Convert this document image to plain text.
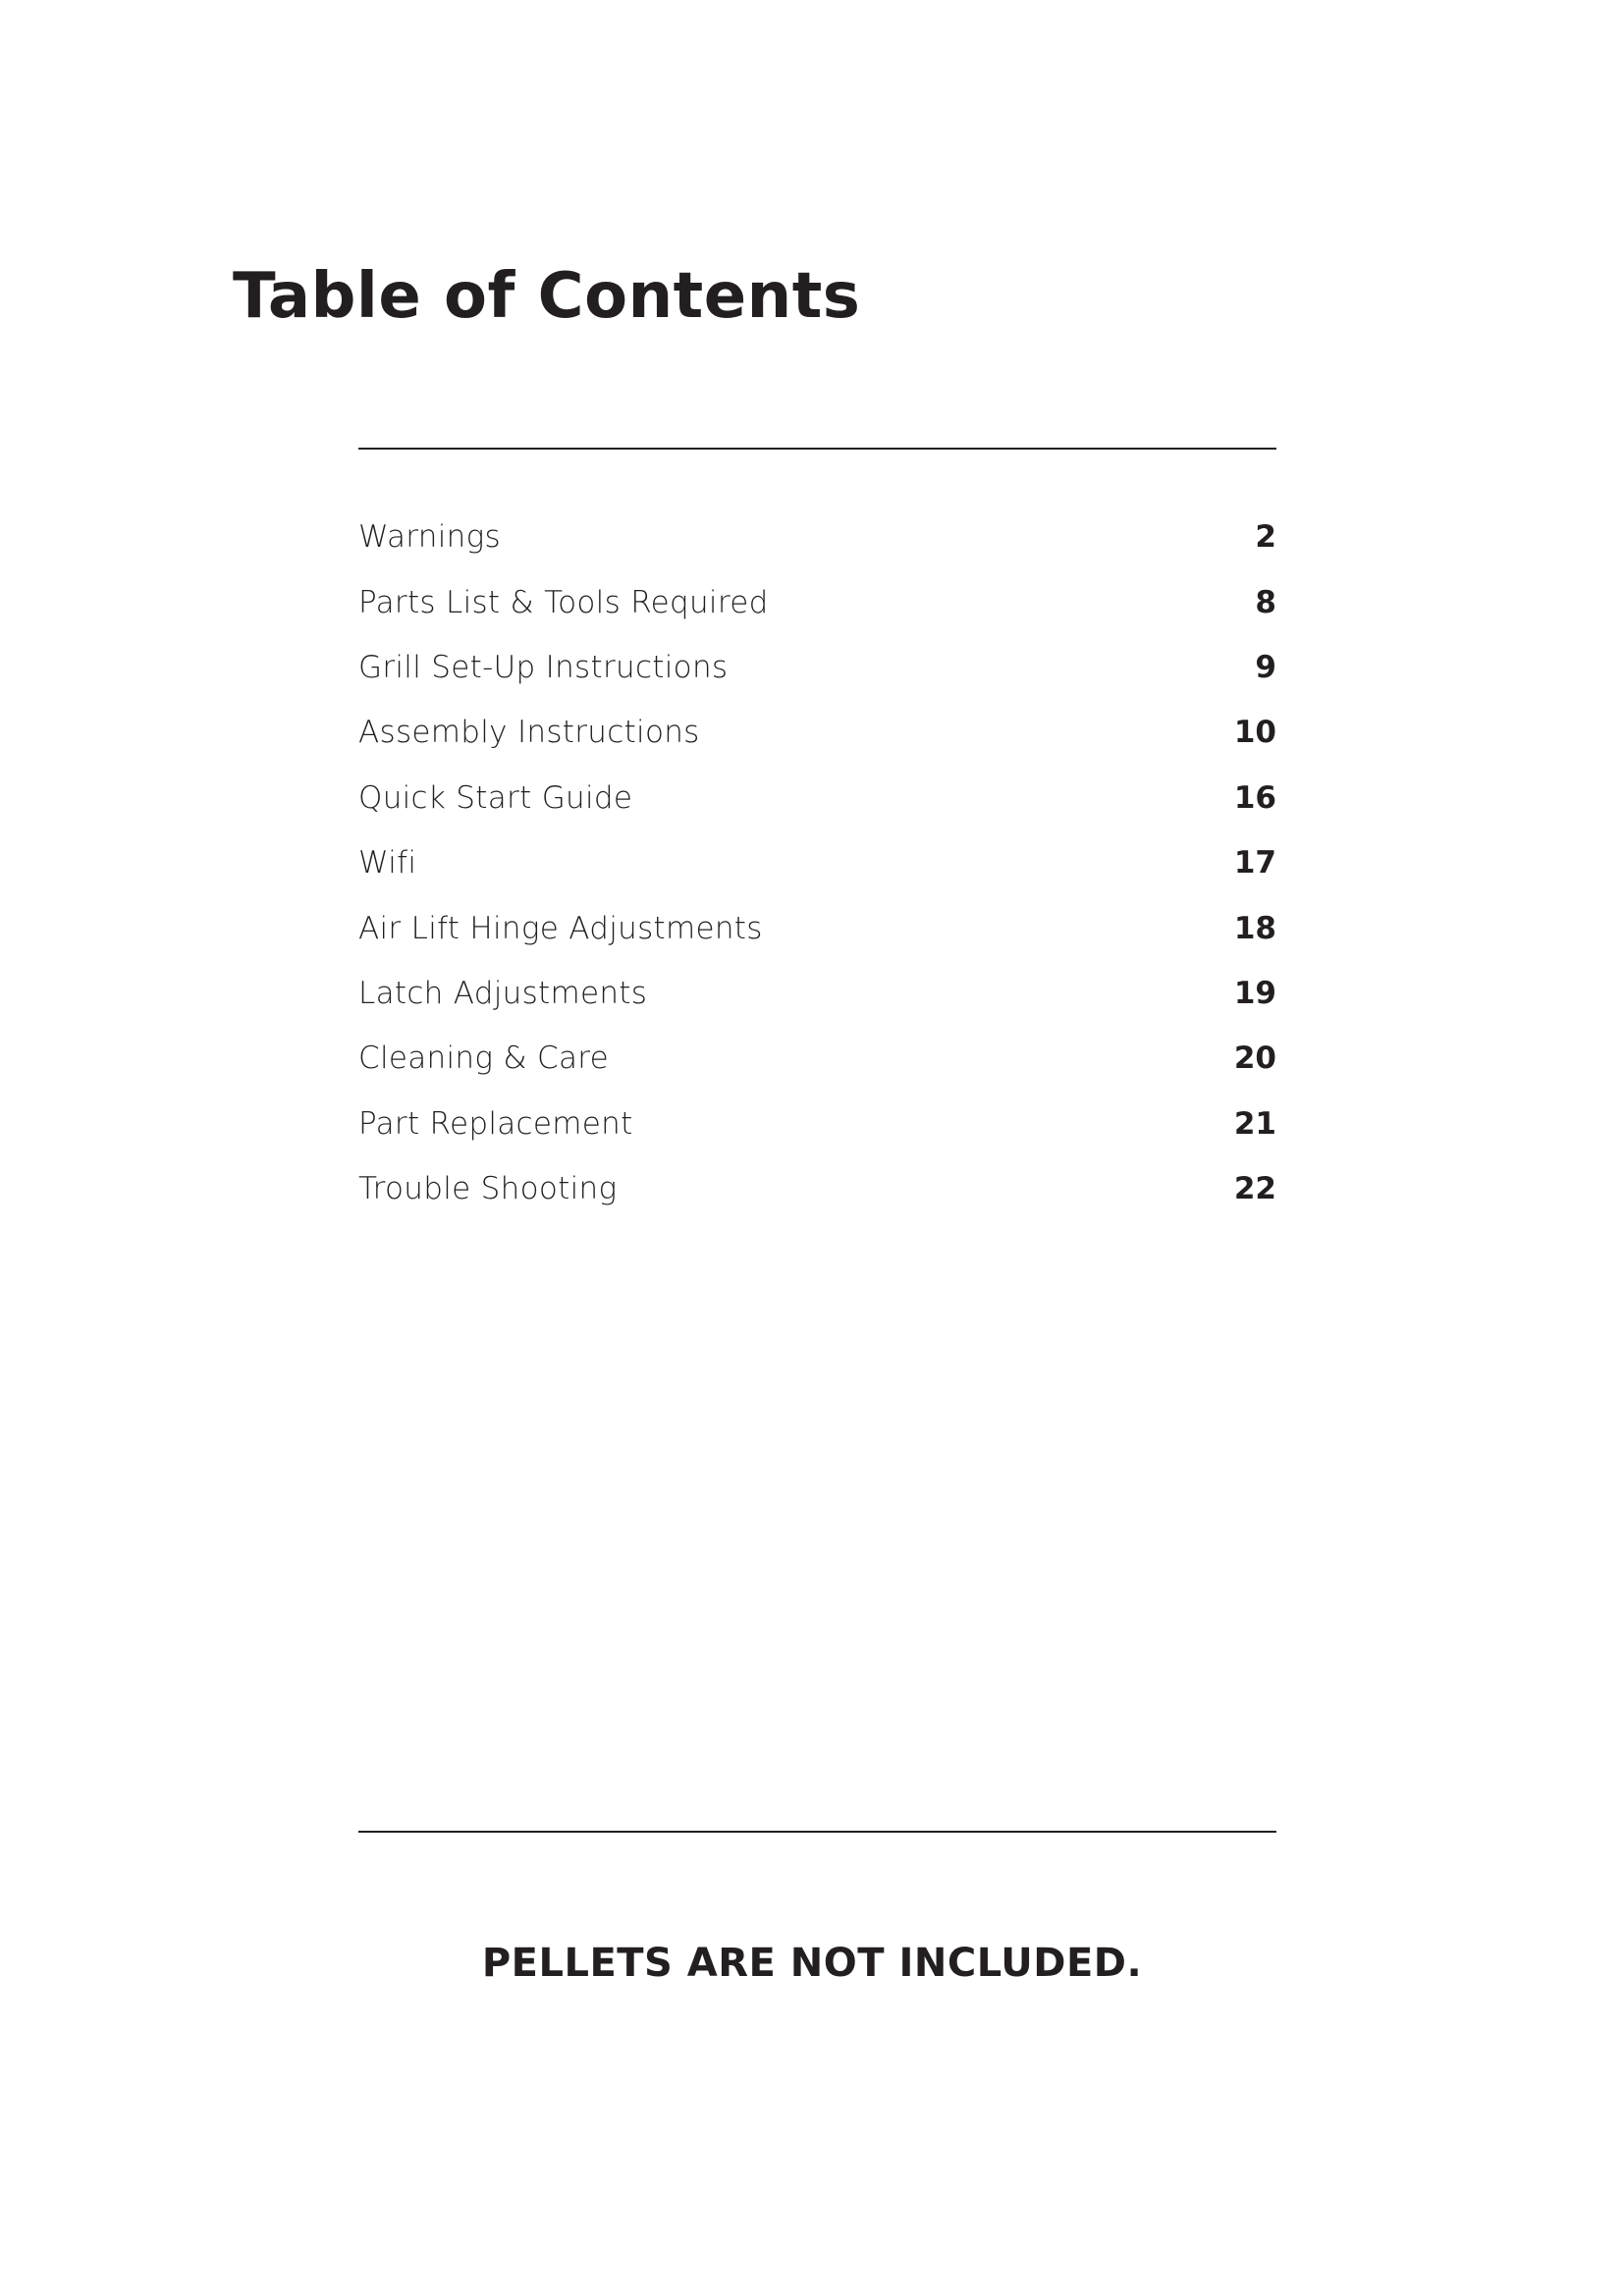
Table of Contents
Warnings	2
Parts List & Tools Required	8
Grill Set-Up Instructions	9
Assembly Instructions	10
Quick Start Guide	16
Wifi	17
Air Lift Hinge Adjustments	18
Latch Adjustments	19
Cleaning & Care	20
Part Replacement	21
Trouble Shooting	22

PELLETS ARE NOT INCLUDED.
